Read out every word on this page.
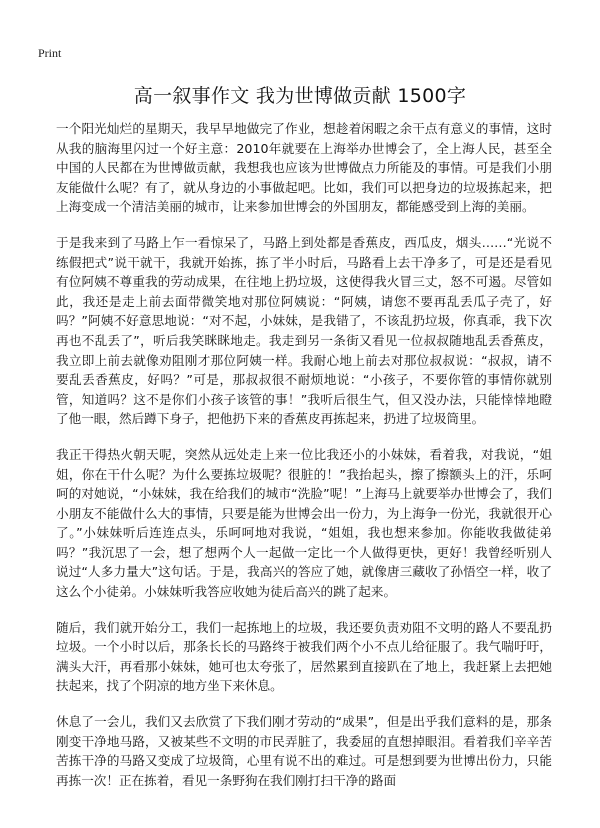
Print
高一叙事作文 我为世博做贡献 1500字

一个阳光灿烂的星期天，我早早地做完了作业，想趁着闲暇之余干点有意义的事情，这时从我的脑海里闪过一个好主意：2010年就要在上海举办世博会了，全上海人民，甚至全中国的人民都在为世博做贡献，我想我也应该为世博做点力所能及的事情。可是我们小朋友能做什么呢？有了，就从身边的小事做起吧。比如，我们可以把身边的垃圾拣起来，把上海变成一个清洁美丽的城市，让来参加世博会的外国朋友，都能感受到上海的美丽。

于是我来到了马路上乍一看惊呆了，马路上到处都是香蕉皮，西瓜皮，烟头……“光说不练假把式”说干就干，我就开始拣，拣了半小时后，马路看上去干净多了，可是还是看见有位阿姨不尊重我的劳动成果，在往地上扔垃圾，这使得我火冒三丈，怒不可遏。尽管如此，我还是走上前去面带微笑地对那位阿姨说：“阿姨，请您不要再乱丢瓜子壳了，好吗？”阿姨不好意思地说：“对不起，小妹妹，是我错了，不该乱扔垃圾，你真乖，我下次再也不乱丢了”，听后我笑眯眯地走。我走到另一条街又看见一位叔叔随地乱丢香蕉皮，我立即上前去就像劝阻刚才那位阿姨一样。我耐心地上前去对那位叔叔说：“叔叔，请不要乱丢香蕉皮，好吗？”可是，那叔叔很不耐烦地说：“小孩子，不要你管的事情你就别管，知道吗？这不是你们小孩子该管的事！”我听后很生气，但又没办法，只能悻悻地瞪了他一眼，然后蹲下身子，把他扔下来的香蕉皮再拣起来，扔进了垃圾筒里。

我正干得热火朝天呢，突然从远处走上来一位比我还小的小妹妹，看着我，对我说，“姐姐，你在干什么呢？为什么要拣垃圾呢？很脏的！”我抬起头，擦了擦额头上的汗，乐呵呵的对她说，“小妹妹，我在给我们的城市“洗脸”呢！”上海马上就要举办世博会了，我们小朋友不能做什么大的事情，只要是能为世博会出一份力，为上海争一份光，我就很开心了。”小妹妹听后连连点头，乐呵呵地对我说，“姐姐，我也想来参加。你能收我做徒弟吗？”我沉思了一会，想了想两个人一起做一定比一个人做得更快，更好！我曾经听别人说过“人多力量大”这句话。于是，我高兴的答应了她，就像唐三藏收了孙悟空一样，收了这么个小徒弟。小妹妹听我答应收她为徒后高兴的跳了起来。

随后，我们就开始分工，我们一起拣地上的垃圾，我还要负责劝阻不文明的路人不要乱扔垃圾。一个小时以后，那条长长的马路终于被我们两个小不点儿给征服了。我气喘吁吁，满头大汗，再看那小妹妹，她可也太夸张了，居然累到直接趴在了地上，我赶紧上去把她扶起来，找了个阴凉的地方坐下来休息。

休息了一会儿，我们又去欣赏了下我们刚才劳动的“成果”，但是出乎我们意料的是，那条刚变干净地马路，又被某些不文明的市民弄脏了，我委屈的直想掉眼泪。看着我们辛辛苦苦拣干净的马路又变成了垃圾筒，心里有说不出的难过。可是想到要为世博出份力，只能再拣一次！正在拣着，看见一条野狗在我们刚打扫干净的路面
